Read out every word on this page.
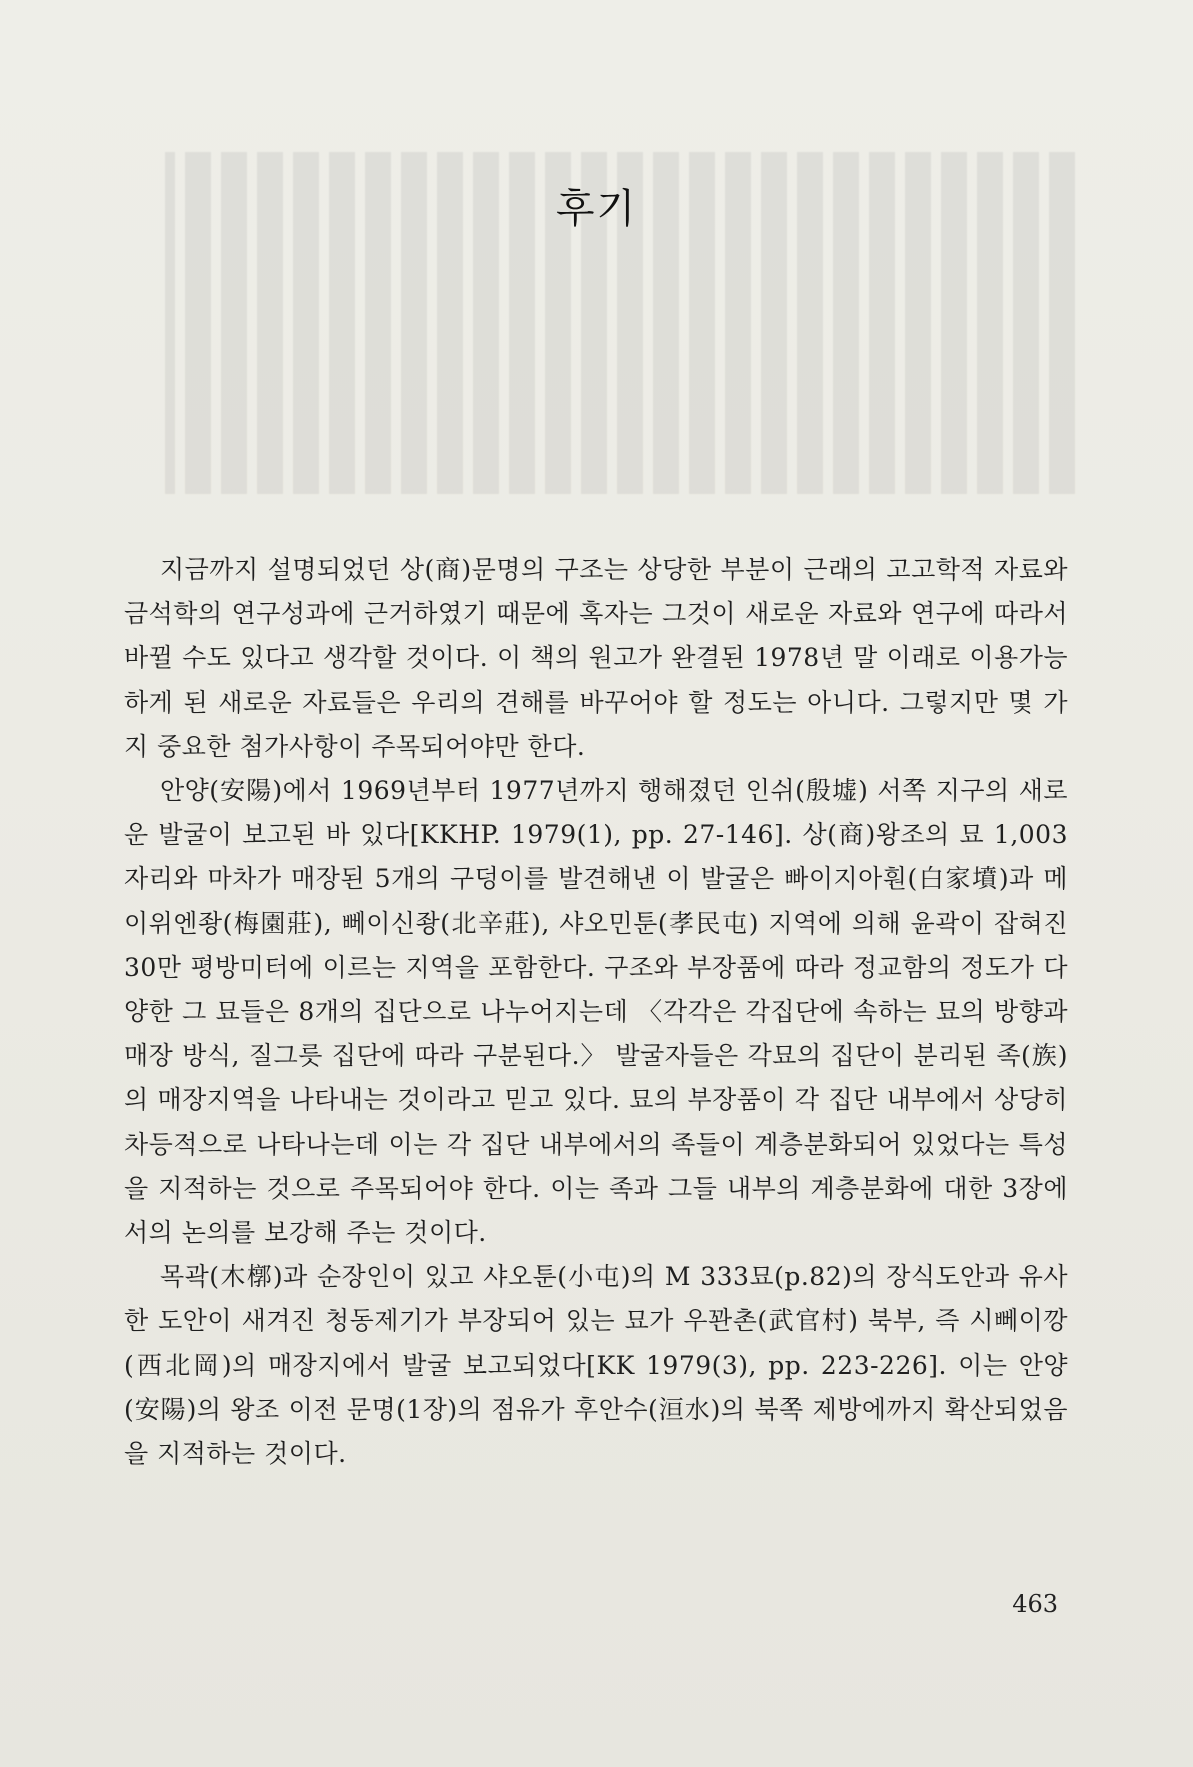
후기

지금까지 설명되었던 상(商)문명의 구조는 상당한 부분이 근래의 고고학적 자료와 금석학의 연구성과에 근거하였기 때문에 혹자는 그것이 새로운 자료와 연구에 따라서 바뀔 수도 있다고 생각할 것이다. 이 책의 원고가 완결된 1978년 말 이래로 이용가능하게 된 새로운 자료들은 우리의 견해를 바꾸어야 할 정도는 아니다. 그렇지만 몇 가지 중요한 첨가사항이 주목되어야만 한다.

안양(安陽)에서 1969년부터 1977년까지 행해졌던 인쉬(殷墟) 서쪽 지구의 새로운 발굴이 보고된 바 있다[KKHP. 1979(1), pp. 27-146]. 상(商)왕조의 묘 1,003자리와 마차가 매장된 5개의 구덩이를 발견해낸 이 발굴은 빠이지아훤(白家墳)과 메이위엔좡(梅園莊), 뻬이신좡(北辛莊), 샤오민툰(孝民屯) 지역에 의해 윤곽이 잡혀진 30만 평방미터에 이르는 지역을 포함한다. 구조와 부장품에 따라 정교함의 정도가 다양한 그 묘들은 8개의 집단으로 나누어지는데 〈각각은 각집단에 속하는 묘의 방향과 매장 방식, 질그릇 집단에 따라 구분된다.〉 발굴자들은 각묘의 집단이 분리된 족(族)의 매장지역을 나타내는 것이라고 믿고 있다. 묘의 부장품이 각 집단 내부에서 상당히 차등적으로 나타나는데 이는 각 집단 내부에서의 족들이 계층분화되어 있었다는 특성을 지적하는 것으로 주목되어야 한다. 이는 족과 그들 내부의 계층분화에 대한 3장에서의 논의를 보강해 주는 것이다.

목곽(木槨)과 순장인이 있고 샤오툰(小屯)의 M 333묘(p.82)의 장식도안과 유사한 도안이 새겨진 청동제기가 부장되어 있는 묘가 우꽌촌(武官村) 북부, 즉 시뻬이깡(西北岡)의 매장지에서 발굴 보고되었다[KK 1979(3), pp. 223-226]. 이는 안양(安陽)의 왕조 이전 문명(1장)의 점유가 후안수(洹水)의 북쪽 제방에까지 확산되었음을 지적하는 것이다.

463
